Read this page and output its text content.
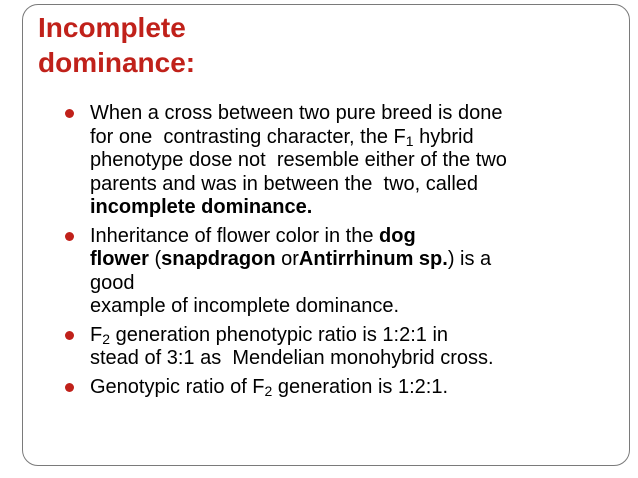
Incomplete
dominance:
When a cross between two pure breed is done
for one  contrasting character, the $F_1$ hybrid
phenotype dose not  resemble either of the two
parents and was in between the  two, called
incomplete dominance.
Inheritance of flower color in the dog
flower (snapdragon orAntirrhinum sp.) is a
good
example of incomplete dominance.
$F_2$ generation phenotypic ratio is 1:2:1 in
stead of 3:1 as  Mendelian monohybrid cross.
Genotypic ratio of $F_2$ generation is 1:2:1.
